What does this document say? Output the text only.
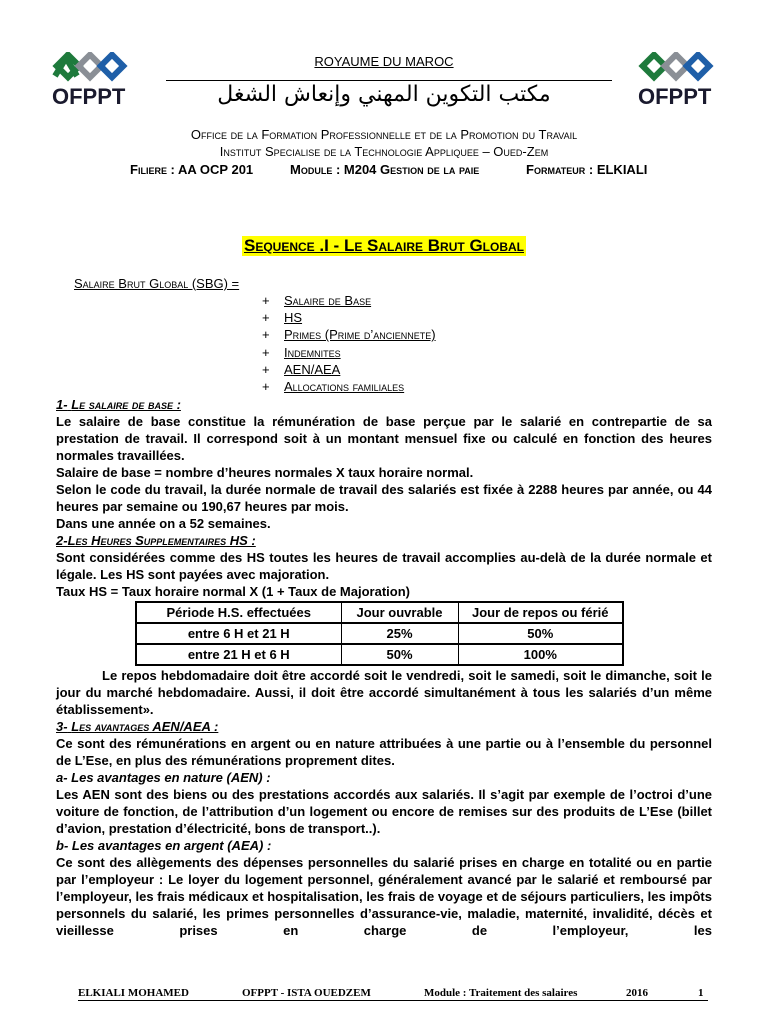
OFPPT	OFPPT
ROYAUME DU MAROC
مكتب التكوين المهني وإنعاش الشغل
Office de la Formation Professionnelle et de la Promotion du Travail
Institut Specialise de la Technologie Appliquee – Oued-Zem
Filiere : AA OCP 201	Module : M204 Gestion de la paie	Formateur : ELKIALI
Sequence .I - Le Salaire Brut Global
Salaire Brut Global (SBG) =
+	Salaire de Base
+	HS
+	Primes (Prime d’anciennete)
+	Indemnites
+	AEN/AEA
+	Allocations familiales
1- Le salaire de base :
Le salaire de base constitue la rémunération de base perçue par le salarié en contrepartie de sa prestation de travail. Il correspond soit à un montant mensuel fixe ou calculé en fonction des heures normales travaillées.
Salaire de base = nombre d’heures normales X taux horaire normal.
Selon le code du travail, la durée normale de travail des salariés est fixée à 2288 heures par année, ou 44 heures par semaine ou 190,67 heures par mois.
Dans une année on a 52 semaines.
2-Les Heures Supplementaires HS :
Sont considérées comme des HS toutes les heures de travail accomplies au-delà de la durée normale et légale. Les HS sont payées avec majoration.
Taux HS = Taux horaire normal X (1 + Taux de Majoration)
Période H.S. effectuées	Jour ouvrable	Jour de repos ou férié
entre 6 H et 21 H	25%	50%
entre 21 H et 6 H	50%	100%
Le repos hebdomadaire doit être accordé soit le vendredi, soit le samedi, soit le dimanche, soit le jour du marché hebdomadaire. Aussi, il doit être accordé simultanément à tous les salariés d’un même établissement».
3- Les avantages AEN/AEA :
Ce sont des rémunérations en argent ou en nature attribuées à une partie ou à l’ensemble du personnel de L’Ese, en plus des rémunérations proprement dites.
a- Les avantages en nature (AEN) :
Les AEN sont des biens ou des prestations accordés aux salariés. Il s’agit par exemple de l’octroi d’une voiture de fonction, de l’attribution d’un logement ou encore de remises sur des produits de L’Ese (billet d’avion, prestation d’électricité, bons de transport..).
b- Les avantages en argent (AEA) :
Ce sont des allègements des dépenses personnelles du salarié prises en charge en totalité ou en partie par l’employeur : Le loyer du logement personnel, généralement avancé par le salarié et remboursé par l’employeur, les frais médicaux et hospitalisation, les frais de voyage et de séjours particuliers, les impôts personnels du salarié, les primes personnelles d’assurance-vie, maladie, maternité, invalidité, décès et vieillesse prises en charge de l’employeur, les
ELKIALI MOHAMED	OFPPT - ISTA OUEDZEM	Module : Traitement des salaires	2016	1
